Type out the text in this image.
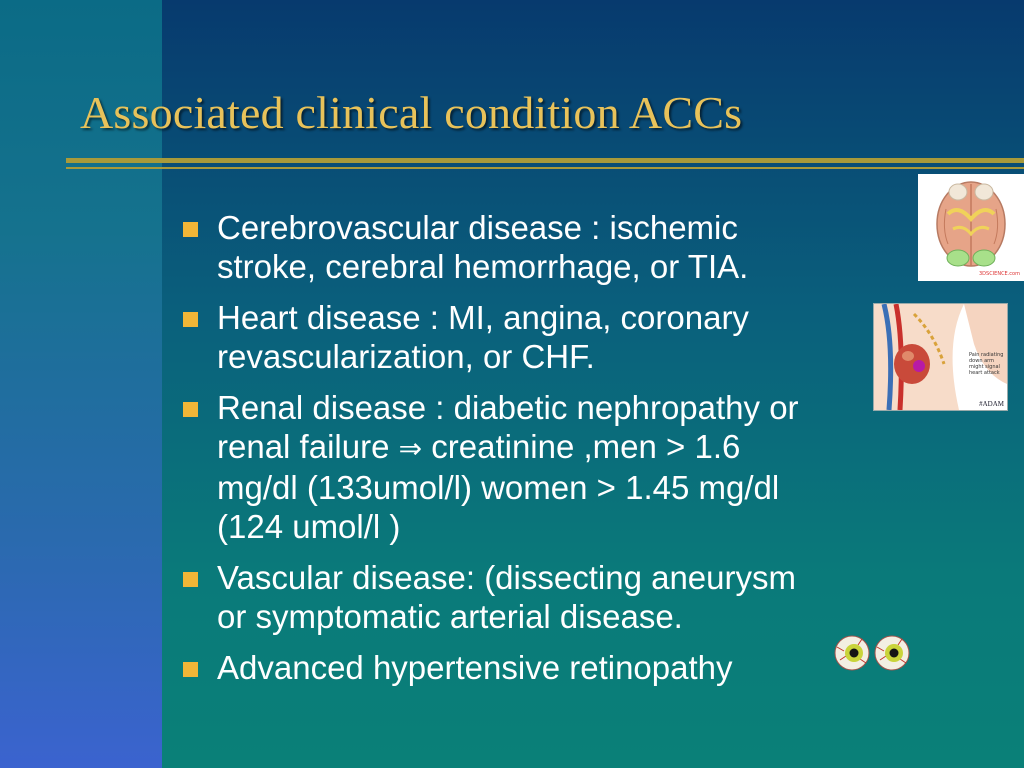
Associated clinical condition ACCs
Cerebrovascular disease : ischemic
stroke, cerebral hemorrhage, or TIA.
Heart disease : MI, angina, coronary
revascularization, or CHF.
Renal disease : diabetic nephropathy or
renal failure ⇒ creatinine ,men > 1.6
mg/dl (133umol/l) women > 1.45 mg/dl
(124 umol/l )
Vascular disease: (dissecting aneurysm
or symptomatic arterial disease.
Advanced hypertensive retinopathy
3DSCIENCE.com
Pain radiating down arm might signal heart attack
#ADAM
